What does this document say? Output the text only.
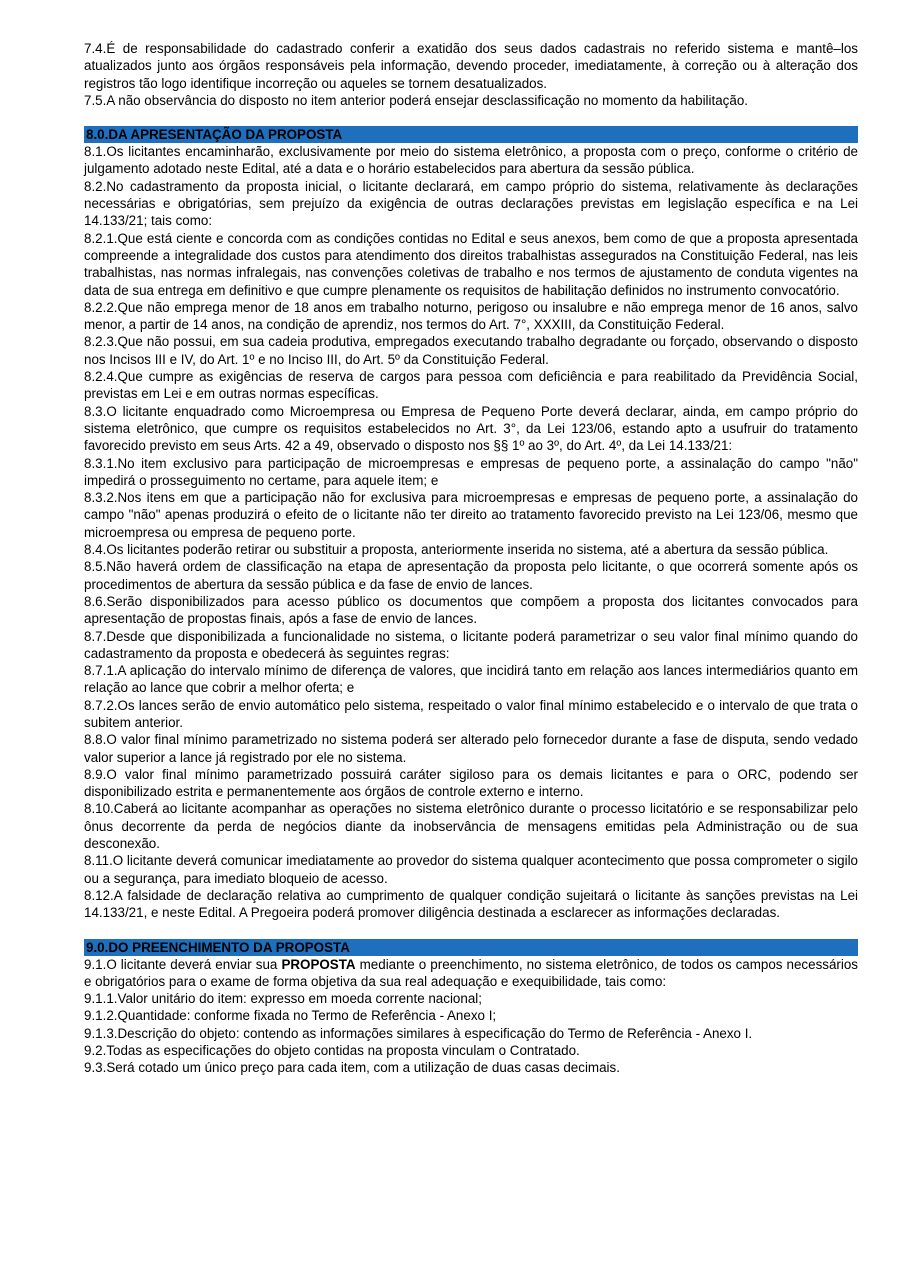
7.4.É de responsabilidade do cadastrado conferir a exatidão dos seus dados cadastrais no referido sistema e mantê–los atualizados junto aos órgãos responsáveis pela informação, devendo proceder, imediatamente, à correção ou à alteração dos registros tão logo identifique incorreção ou aqueles se tornem desatualizados.

7.5.A não observância do disposto no item anterior poderá ensejar desclassificação no momento da habilitação.

8.0.DA APRESENTAÇÃO DA PROPOSTA

8.1.Os licitantes encaminharão, exclusivamente por meio do sistema eletrônico, a proposta com o preço, conforme o critério de julgamento adotado neste Edital, até a data e o horário estabelecidos para abertura da sessão pública.

8.2.No cadastramento da proposta inicial, o licitante declarará, em campo próprio do sistema, relativamente às declarações necessárias e obrigatórias, sem prejuízo da exigência de outras declarações previstas em legislação específica e na Lei 14.133/21; tais como:

8.2.1.Que está ciente e concorda com as condições contidas no Edital e seus anexos, bem como de que a proposta apresentada compreende a integralidade dos custos para atendimento dos direitos trabalhistas assegurados na Constituição Federal, nas leis trabalhistas, nas normas infralegais, nas convenções coletivas de trabalho e nos termos de ajustamento de conduta vigentes na data de sua entrega em definitivo e que cumpre plenamente os requisitos de habilitação definidos no instrumento convocatório.

8.2.2.Que não emprega menor de 18 anos em trabalho noturno, perigoso ou insalubre e não emprega menor de 16 anos, salvo menor, a partir de 14 anos, na condição de aprendiz, nos termos do Art. 7°, XXXIII, da Constituição Federal.

8.2.3.Que não possui, em sua cadeia produtiva, empregados executando trabalho degradante ou forçado, observando o disposto nos Incisos III e IV, do Art. 1º e no Inciso III, do Art. 5º da Constituição Federal.

8.2.4.Que cumpre as exigências de reserva de cargos para pessoa com deficiência e para reabilitado da Previdência Social, previstas em Lei e em outras normas específicas.

8.3.O licitante enquadrado como Microempresa ou Empresa de Pequeno Porte deverá declarar, ainda, em campo próprio do sistema eletrônico, que cumpre os requisitos estabelecidos no Art. 3°, da Lei 123/06, estando apto a usufruir do tratamento favorecido previsto em seus Arts. 42 a 49, observado o disposto nos §§ 1º ao 3º, do Art. 4º, da Lei 14.133/21:

8.3.1.No item exclusivo para participação de microempresas e empresas de pequeno porte, a assinalação do campo "não" impedirá o prosseguimento no certame, para aquele item; e

8.3.2.Nos itens em que a participação não for exclusiva para microempresas e empresas de pequeno porte, a assinalação do campo "não" apenas produzirá o efeito de o licitante não ter direito ao tratamento favorecido previsto na Lei 123/06, mesmo que microempresa ou empresa de pequeno porte.

8.4.Os licitantes poderão retirar ou substituir a proposta, anteriormente inserida no sistema, até a abertura da sessão pública.

8.5.Não haverá ordem de classificação na etapa de apresentação da proposta pelo licitante, o que ocorrerá somente após os procedimentos de abertura da sessão pública e da fase de envio de lances.

8.6.Serão disponibilizados para acesso público os documentos que compõem a proposta dos licitantes convocados para apresentação de propostas finais, após a fase de envio de lances.

8.7.Desde que disponibilizada a funcionalidade no sistema, o licitante poderá parametrizar o seu valor final mínimo quando do cadastramento da proposta e obedecerá às seguintes regras:

8.7.1.A aplicação do intervalo mínimo de diferença de valores, que incidirá tanto em relação aos lances intermediários quanto em relação ao lance que cobrir a melhor oferta; e

8.7.2.Os lances serão de envio automático pelo sistema, respeitado o valor final mínimo estabelecido e o intervalo de que trata o subitem anterior.

8.8.O valor final mínimo parametrizado no sistema poderá ser alterado pelo fornecedor durante a fase de disputa, sendo vedado valor superior a lance já registrado por ele no sistema.

8.9.O valor final mínimo parametrizado possuirá caráter sigiloso para os demais licitantes e para o ORC, podendo ser disponibilizado estrita e permanentemente aos órgãos de controle externo e interno.

8.10.Caberá ao licitante acompanhar as operações no sistema eletrônico durante o processo licitatório e se responsabilizar pelo ônus decorrente da perda de negócios diante da inobservância de mensagens emitidas pela Administração ou de sua desconexão.

8.11.O licitante deverá comunicar imediatamente ao provedor do sistema qualquer acontecimento que possa comprometer o sigilo ou a segurança, para imediato bloqueio de acesso.

8.12.A falsidade de declaração relativa ao cumprimento de qualquer condição sujeitará o licitante às sanções previstas na Lei 14.133/21, e neste Edital. A Pregoeira poderá promover diligência destinada a esclarecer as informações declaradas.

9.0.DO PREENCHIMENTO DA PROPOSTA

9.1.O licitante deverá enviar sua PROPOSTA mediante o preenchimento, no sistema eletrônico, de todos os campos necessários e obrigatórios para o exame de forma objetiva da sua real adequação e exequibilidade, tais como:

9.1.1.Valor unitário do item: expresso em moeda corrente nacional;

9.1.2.Quantidade: conforme fixada no Termo de Referência - Anexo I;

9.1.3.Descrição do objeto: contendo as informações similares à especificação do Termo de Referência - Anexo I.

9.2.Todas as especificações do objeto contidas na proposta vinculam o Contratado.

9.3.Será cotado um único preço para cada item, com a utilização de duas casas decimais.
